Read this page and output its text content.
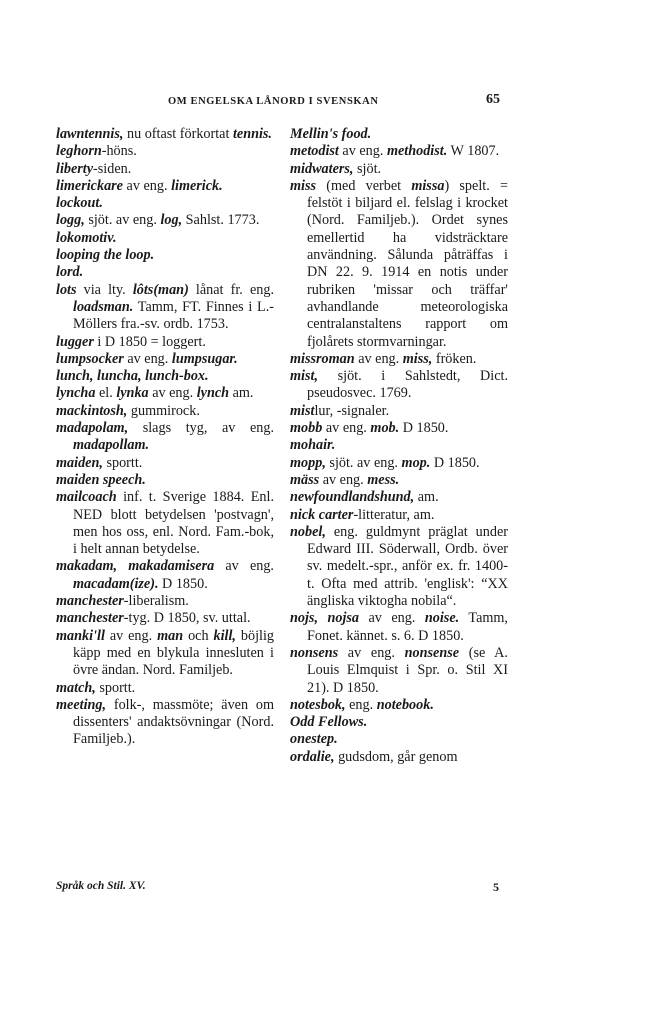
OM ENGELSKA LÅNORD I SVENSKAN	65

lawntennis, nu oftast förkortat tennis.

leghorn-höns.

liberty-siden.

limerickare av eng. limerick.

lockout.

logg, sjöt. av eng. log, Sahlst. 1773.

lokomotiv.

looping the loop.

lord.

lots via lty. lôts(man) lånat fr. eng. loadsman. Tamm, FT. Finnes i L.-Möllers fra.-sv. ordb. 1753.

lugger i D 1850 = loggert.

lumpsocker av eng. lumpsugar.

lunch, luncha, lunch-box.

lyncha el. lynka av eng. lynch am.

mackintosh, gummirock.

madapolam, slags tyg, av eng. madapollam.

maiden, sportt.

maiden speech.

mailcoach inf. t. Sverige 1884. Enl. NED blott betydelsen 'postvagn', men hos oss, enl. Nord. Fam.-bok, i helt annan betydelse.

makadam, makadamisera av eng. macadam(ize). D 1850.

manchester-liberalism.

manchester-tyg. D 1850, sv. uttal.

manki'll av eng. man och kill, böjlig käpp med en blykula innesluten i övre ändan. Nord. Familjeb.

match, sportt.

meeting, folk-, massmöte; även om dissenters' andaktsövningar (Nord. Familjeb.).

Mellin's food.

metodist av eng. methodist. W 1807.

midwaters, sjöt.

miss (med verbet missa) spelt. = felstöt i biljard el. felslag i krocket (Nord. Familjeb.). Ordet synes emellertid ha vidsträcktare användning. Sålunda påträffas i DN 22. 9. 1914 en notis under rubriken 'missar och träffar' avhandlande meteorologiska centralanstaltens rapport om fjolårets stormvarningar.

missroman av eng. miss, fröken.

mist, sjöt. i Sahlstedt, Dict. pseudosvec. 1769.

mistlur, -signaler.

mobb av eng. mob. D 1850.

mohair.

mopp, sjöt. av eng. mop. D 1850.

mäss av eng. mess.

newfoundlandshund, am.

nick carter-litteratur, am.

nobel, eng. guldmynt präglat under Edward III. Söderwall, Ordb. över sv. medelt.-spr., anför ex. fr. 1400-t. Ofta med attrib. 'englisk': “XX ängliska viktogha nobila“.

nojs, nojsa av eng. noise. Tamm, Fonet. kännet. s. 6. D 1850.

nonsens av eng. nonsense (se A. Louis Elmquist i Spr. o. Stil XI 21). D 1850.

notesbok, eng. notebook.

Odd Fellows.

onestep.

ordalie, gudsdom, går genom

Språk och Stil. XV.	5
